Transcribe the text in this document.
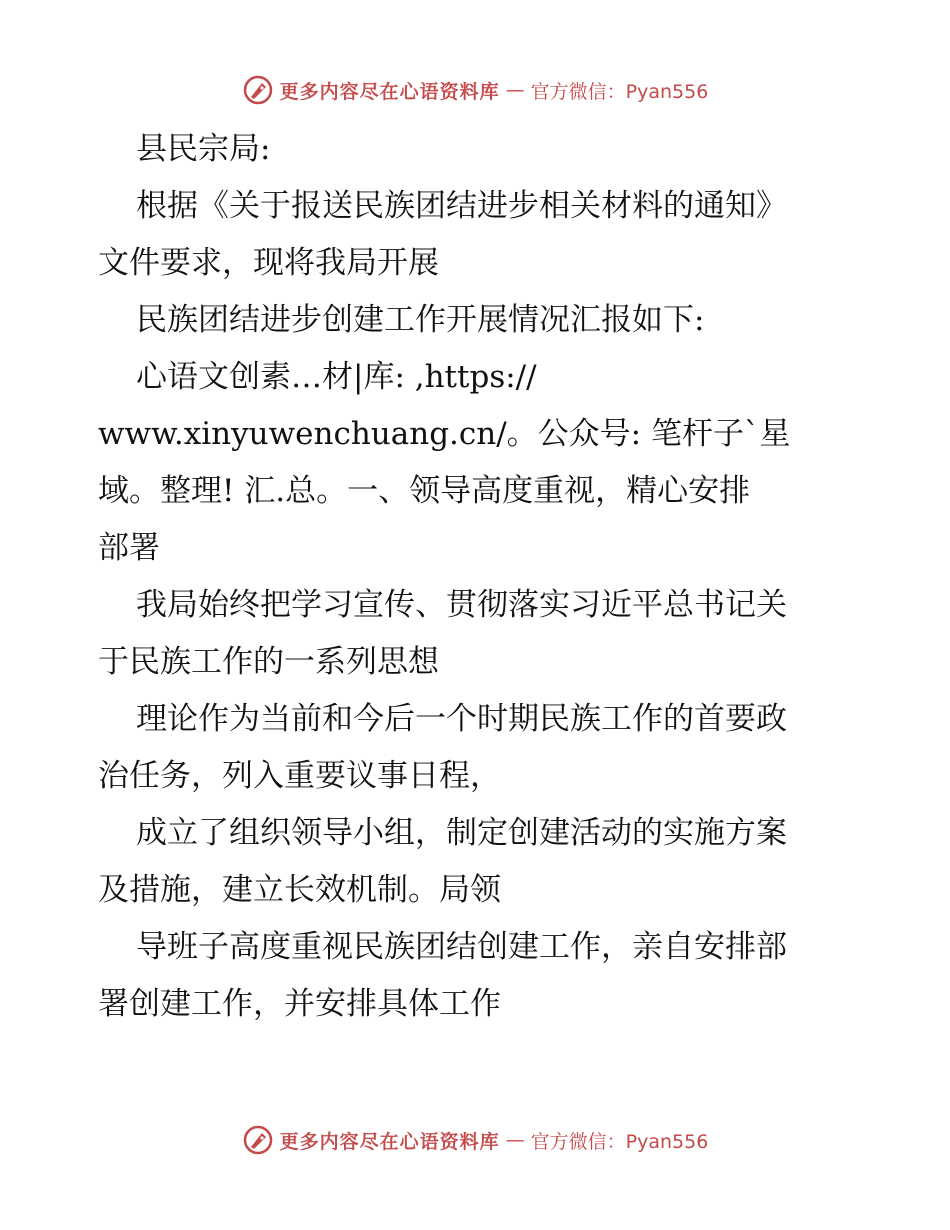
更多内容尽在心语资料库 — 官方微信：Pyan556
县民宗局:
根据《关于报送民族团结进步相关材料的通知》
文件要求，现将我局开展
民族团结进步创建工作开展情况汇报如下:
心语文创素…材|库: ,https://
www.xinyuwenchuang.cn/。公众号: 笔杆子`星
域。整理! 汇.总。一、领导高度重视，精心安排
部署
我局始终把学习宣传、贯彻落实习近平总书记关
于民族工作的一系列思想
理论作为当前和今后一个时期民族工作的首要政
治任务，列入重要议事日程，
成立了组织领导小组，制定创建活动的实施方案
及措施，建立长效机制。局领
导班子高度重视民族团结创建工作，亲自安排部
署创建工作，并安排具体工作
更多内容尽在心语资料库 — 官方微信：Pyan556
